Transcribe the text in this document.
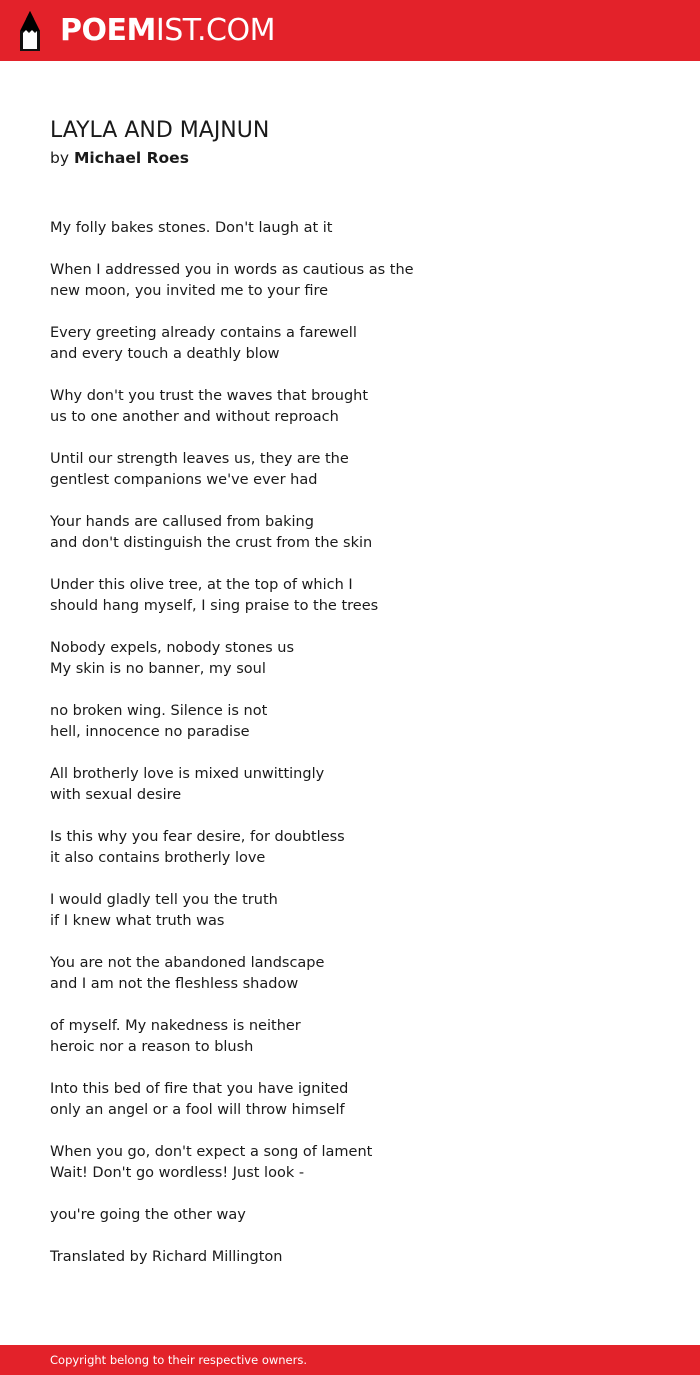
POEMIST.COM
LAYLA AND MAJNUN
by Michael Roes

My folly bakes stones. Don't laugh at it

When I addressed you in words as cautious as the
new moon, you invited me to your fire

Every greeting already contains a farewell
and every touch a deathly blow

Why don't you trust the waves that brought
us to one another and without reproach

Until our strength leaves us, they are the
gentlest companions we've ever had

Your hands are callused from baking
and don't distinguish the crust from the skin

Under this olive tree, at the top of which I
should hang myself, I sing praise to the trees

Nobody expels, nobody stones us
My skin is no banner, my soul

no broken wing. Silence is not
hell, innocence no paradise

All brotherly love is mixed unwittingly
with sexual desire

Is this why you fear desire, for doubtless
it also contains brotherly love

I would gladly tell you the truth
if I knew what truth was

You are not the abandoned landscape
and I am not the fleshless shadow

of myself. My nakedness is neither
heroic nor a reason to blush

Into this bed of fire that you have ignited
only an angel or a fool will throw himself

When you go, don't expect a song of lament
Wait! Don't go wordless! Just look -

you're going the other way

Translated by Richard Millington

Copyright belong to their respective owners.
